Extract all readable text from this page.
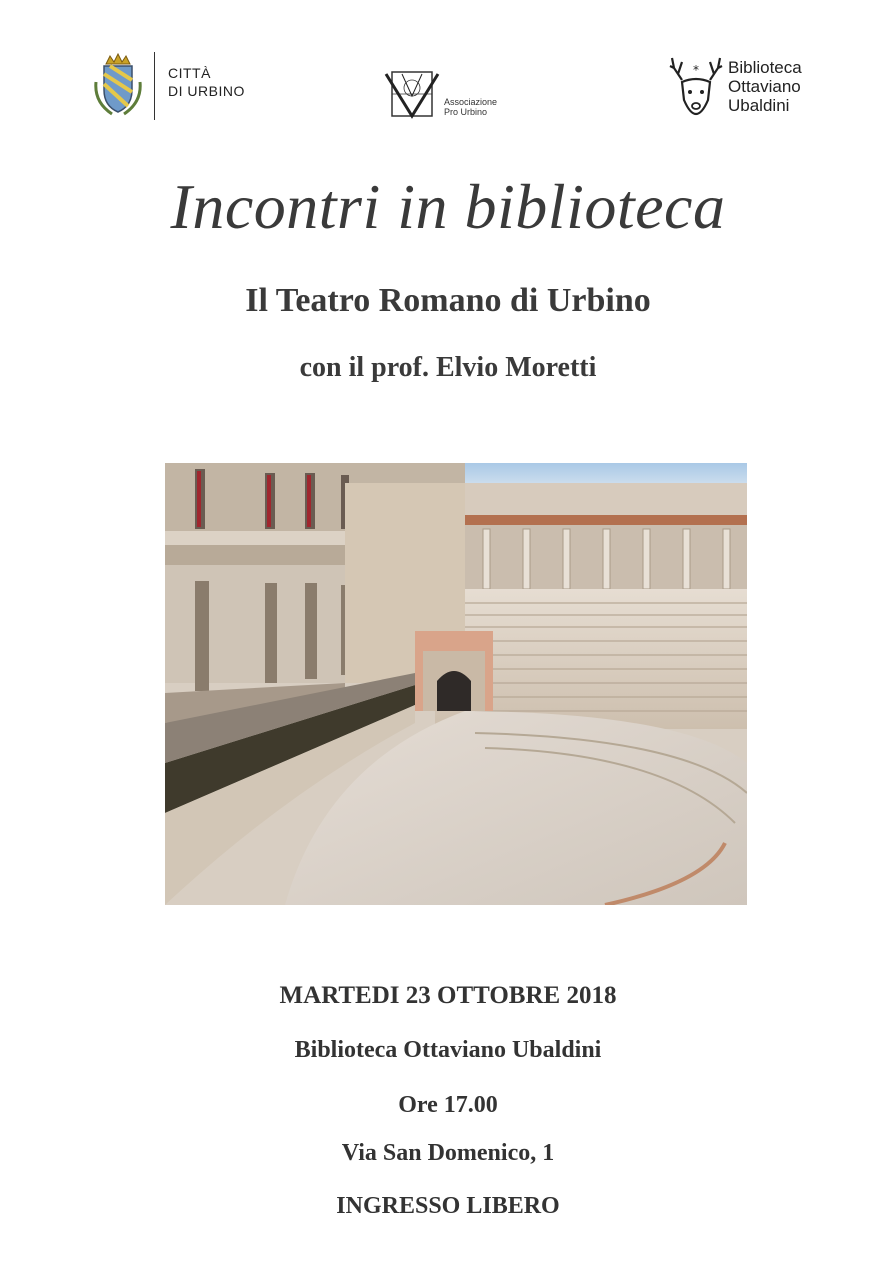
CITTÀ
DI URBINO
Associazione
Pro Urbino
* Biblioteca
Ottaviano
Ubaldini
Incontri in biblioteca
Il Teatro Romano di Urbino
con il prof. Elvio Moretti
MARTEDI 23 OTTOBRE 2018
Biblioteca Ottaviano Ubaldini
Ore 17.00
Via San Domenico, 1
INGRESSO LIBERO
